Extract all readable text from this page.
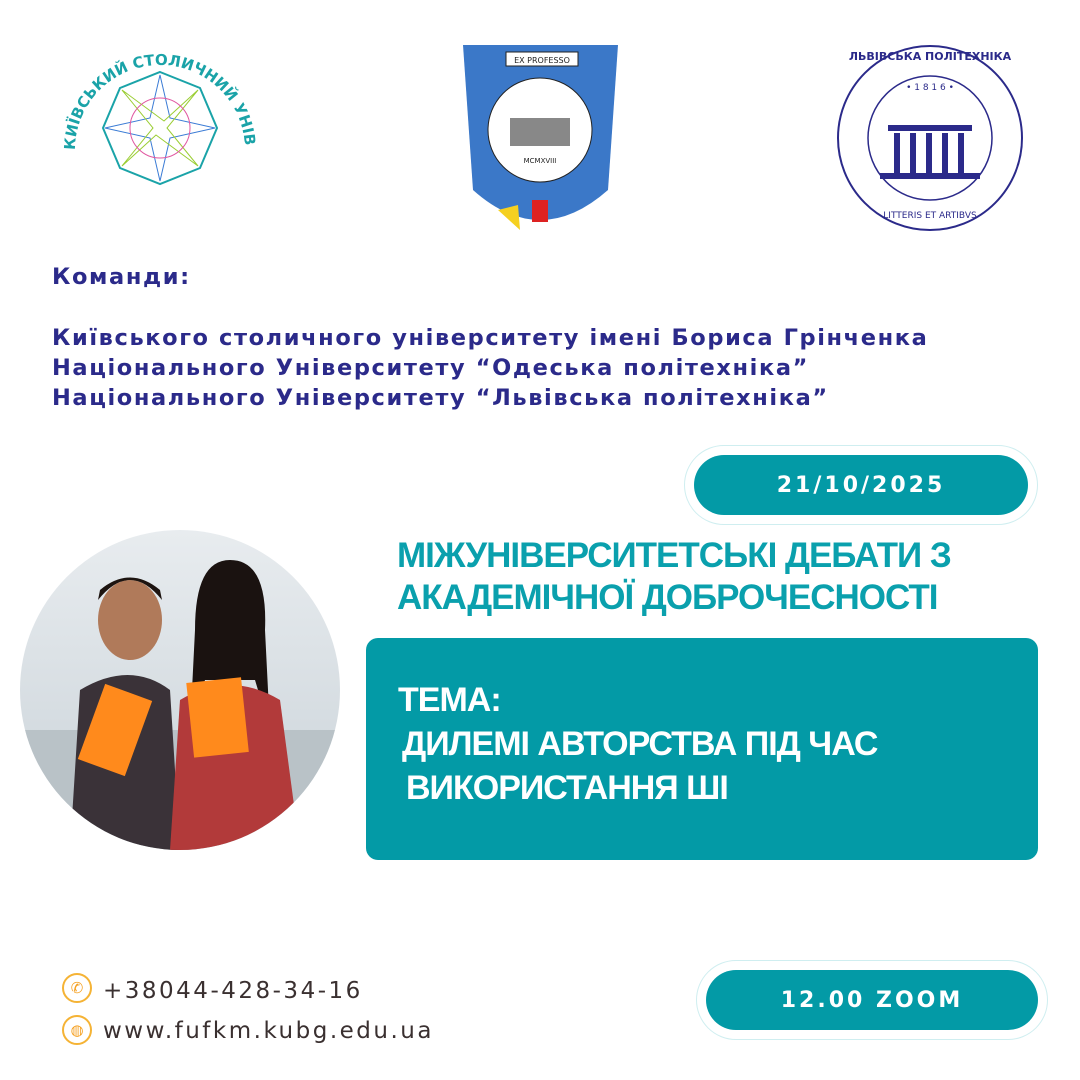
КИЇВСЬКИЙ СТОЛИЧНИЙ УНІВ
EX PROFESSO
MCMXVIII
• 1 8 1 6 •
LITTERIS ET ARTIBVS
ЛЬВІВСЬКА ПОЛІТЕХНІКА
Команди:
Київського столичного університету імені Бориса Грінченка
Національного Університету “Одеська політехніка”
Національного Університету “Львівська політехніка”
21/10/2025
МІЖУНІВЕРСИТЕТСЬКІ ДЕБАТИ З
АКАДЕМІЧНОЇ ДОБРОЧЕСНОСТІ
ТЕМА:
ДИЛЕМІ АВТОРСТВА ПІД ЧАС
ВИКОРИСТАННЯ ШІ
✆ +38044-428-34-16
◍ www.fufkm.kubg.edu.ua
12.00 ZOOM
